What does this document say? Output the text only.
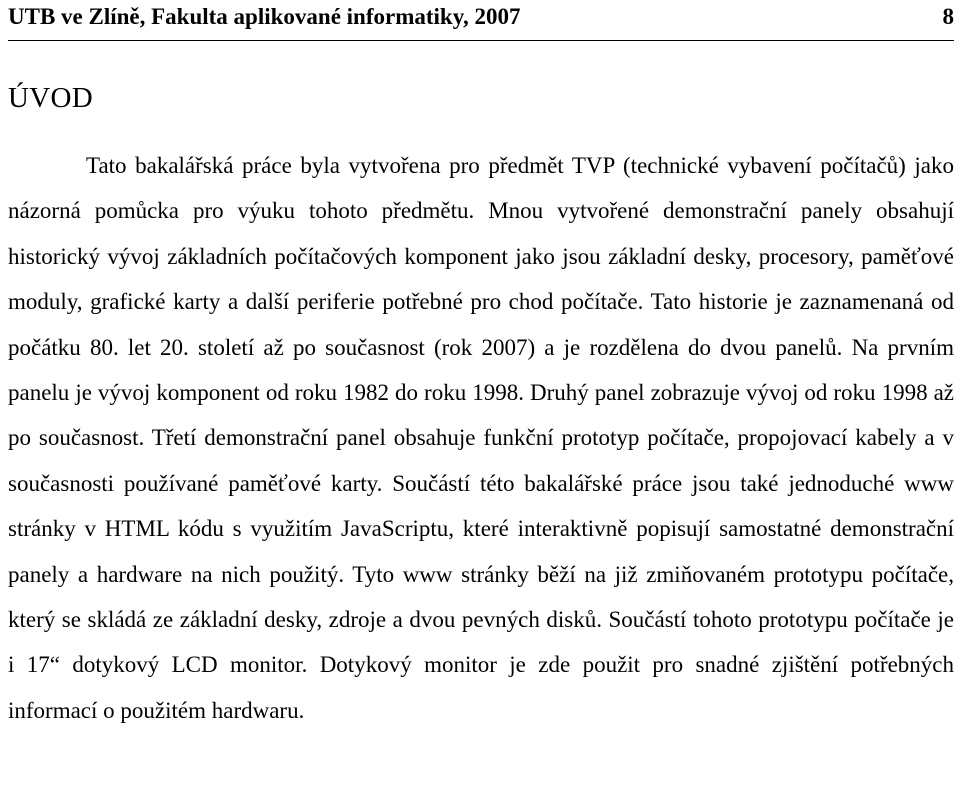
UTB ve Zlíně, Fakulta aplikované informatiky, 2007	8
ÚVOD

Tato bakalářská práce byla vytvořena pro předmět TVP (technické vybavení počítačů) jako názorná pomůcka pro výuku tohoto předmětu. Mnou vytvořené demonstrační panely obsahují historický vývoj základních počítačových komponent jako jsou základní desky, procesory, paměťové moduly, grafické karty a další periferie potřebné pro chod počítače. Tato historie je zaznamenaná od počátku 80. let 20. století až po současnost (rok 2007) a je rozdělena do dvou panelů. Na prvním panelu je vývoj komponent od roku 1982 do roku 1998. Druhý panel zobrazuje vývoj od roku 1998 až po současnost. Třetí demonstrační panel obsahuje funkční prototyp počítače, propojovací kabely a v současnosti používané paměťové karty. Součástí této bakalářské práce jsou také jednoduché www stránky v HTML kódu s využitím JavaScriptu, které interaktivně popisují samostatné demonstrační panely a hardware na nich použitý. Tyto www stránky běží na již zmiňovaném prototypu počítače, který se skládá ze základní desky, zdroje a dvou pevných disků. Součástí tohoto prototypu počítače je i 17“ dotykový LCD monitor. Dotykový monitor je zde použit pro snadné zjištění potřebných informací o použitém hardwaru.
